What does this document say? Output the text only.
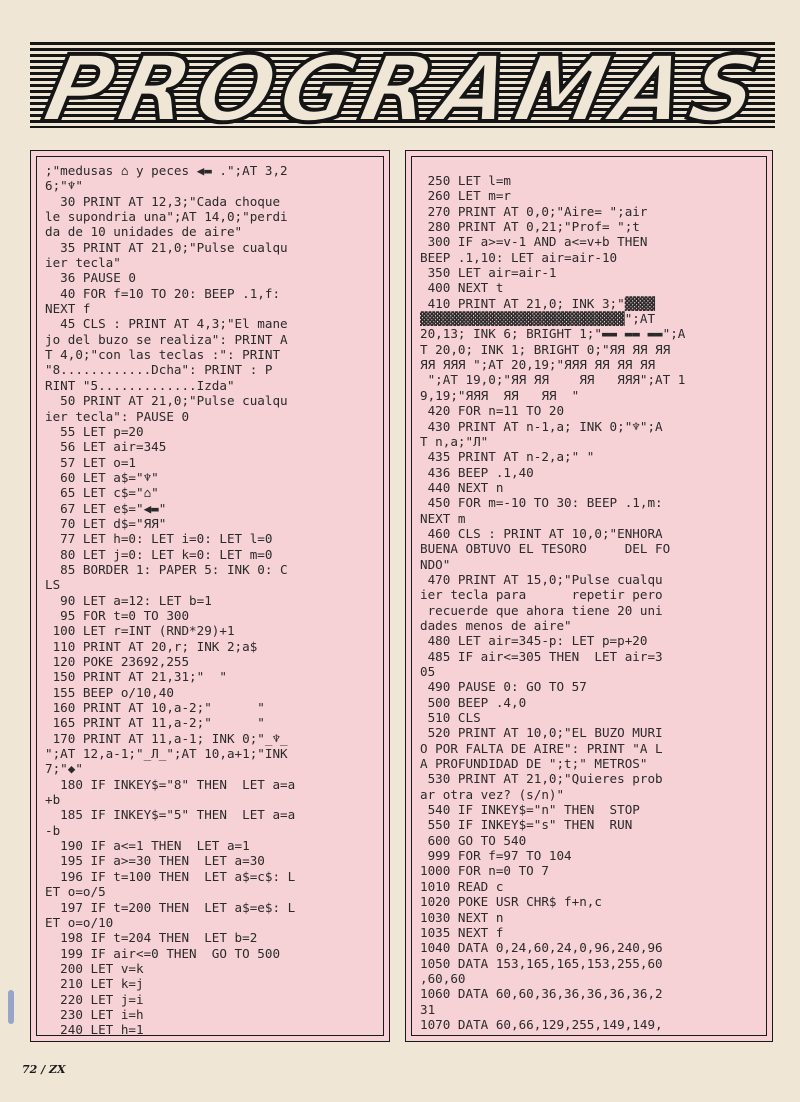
PROGRAMAS
;"medusas ⌂ y peces ◀▬ .";AT 3,2
6;"♆"
30 PRINT AT 12,3;"Cada choque
le supondria una";AT 14,0;"perdi
da de 10 unidades de aire"
35 PRINT AT 21,0;"Pulse cualqu
ier tecla"
36 PAUSE 0
40 FOR f=10 TO 20: BEEP .1,f:
NEXT f
45 CLS : PRINT AT 4,3;"El mane
jo del buzo se realiza": PRINT A
T 4,0;"con las teclas :": PRINT
"8............Dcha": PRINT : P
RINT "5.............Izda"
50 PRINT AT 21,0;"Pulse cualqu
ier tecla": PAUSE 0
55 LET p=20
56 LET air=345
57 LET o=1
60 LET a$="♆"
65 LET c$="⌂"
67 LET e$="◀▬"
70 LET d$="ЯЯ"
77 LET h=0: LET i=0: LET l=0
80 LET j=0: LET k=0: LET m=0
85 BORDER 1: PAPER 5: INK 0: C
LS
90 LET a=12: LET b=1
95 FOR t=0 TO 300
100 LET r=INT (RND*29)+1
110 PRINT AT 20,r; INK 2;a$
120 POKE 23692,255
150 PRINT AT 21,31;"  "
155 BEEP o/10,40
160 PRINT AT 10,a-2;"      "
165 PRINT AT 11,a-2;"      "
170 PRINT AT 11,a-1; INK 0;"_♆_
";AT 12,a-1;"_Л_";AT 10,a+1;"INK
7;"◆"
180 IF INKEY$="8" THEN  LET a=a
+b
185 IF INKEY$="5" THEN  LET a=a
-b
190 IF a<=1 THEN  LET a=1
195 IF a>=30 THEN  LET a=30
196 IF t=100 THEN  LET a$=c$: L
ET o=o/5
197 IF t=200 THEN  LET a$=e$: L
ET o=o/10
198 IF t=204 THEN  LET b=2
199 IF air<=0 THEN  GO TO 500
200 LET v=k
210 LET k=j
220 LET j=i
230 LET i=h
240 LET h=1
250 LET l=m
260 LET m=r
270 PRINT AT 0,0;"Aire= ";air
280 PRINT AT 0,21;"Prof= ";t
300 IF a>=v-1 AND a<=v+b THEN
BEEP .1,10: LET air=air-10
350 LET air=air-1
400 NEXT t
410 PRINT AT 21,0; INK 3;"▓▓▓▓
▓▓▓▓▓▓▓▓▓▓▓▓▓▓▓▓▓▓▓▓▓▓▓▓▓▓▓";AT
20,13; INK 6; BRIGHT 1;"▬▬ ▬▬ ▬▬";A
T 20,0; INK 1; BRIGHT 0;"ЯЯ ЯЯ ЯЯ
ЯЯ ЯЯЯ ";AT 20,19;"ЯЯЯ ЯЯ ЯЯ ЯЯ
";AT 19,0;"ЯЯ ЯЯ    ЯЯ   ЯЯЯ";AT 1
9,19;"ЯЯЯ  ЯЯ   ЯЯ  "
420 FOR n=11 TO 20
430 PRINT AT n-1,a; INK 0;"♆";A
T n,a;"Л"
435 PRINT AT n-2,a;" "
436 BEEP .1,40
440 NEXT n
450 FOR m=-10 TO 30: BEEP .1,m:
NEXT m
460 CLS : PRINT AT 10,0;"ENHORA
BUENA OBTUVO EL TESORO     DEL FO
NDO"
470 PRINT AT 15,0;"Pulse cualqu
ier tecla para      repetir pero
recuerde que ahora tiene 20 uni
dades menos de aire"
480 LET air=345-p: LET p=p+20
485 IF air<=305 THEN  LET air=3
05
490 PAUSE 0: GO TO 57
500 BEEP .4,0
510 CLS
520 PRINT AT 10,0;"EL BUZO MURI
O POR FALTA DE AIRE": PRINT "A L
A PROFUNDIDAD DE ";t;" METROS"
530 PRINT AT 21,0;"Quieres prob
ar otra vez? (s/n)"
540 IF INKEY$="n" THEN  STOP
550 IF INKEY$="s" THEN  RUN
600 GO TO 540
999 FOR f=97 TO 104
1000 FOR n=0 TO 7
1010 READ c
1020 POKE USR CHR$ f+n,c
1030 NEXT n
1035 NEXT f
1040 DATA 0,24,60,24,0,96,240,96
1050 DATA 153,165,165,153,255,60
,60,60
1060 DATA 60,60,36,36,36,36,36,2
31
1070 DATA 60,66,129,255,149,149,
72 / ZX
